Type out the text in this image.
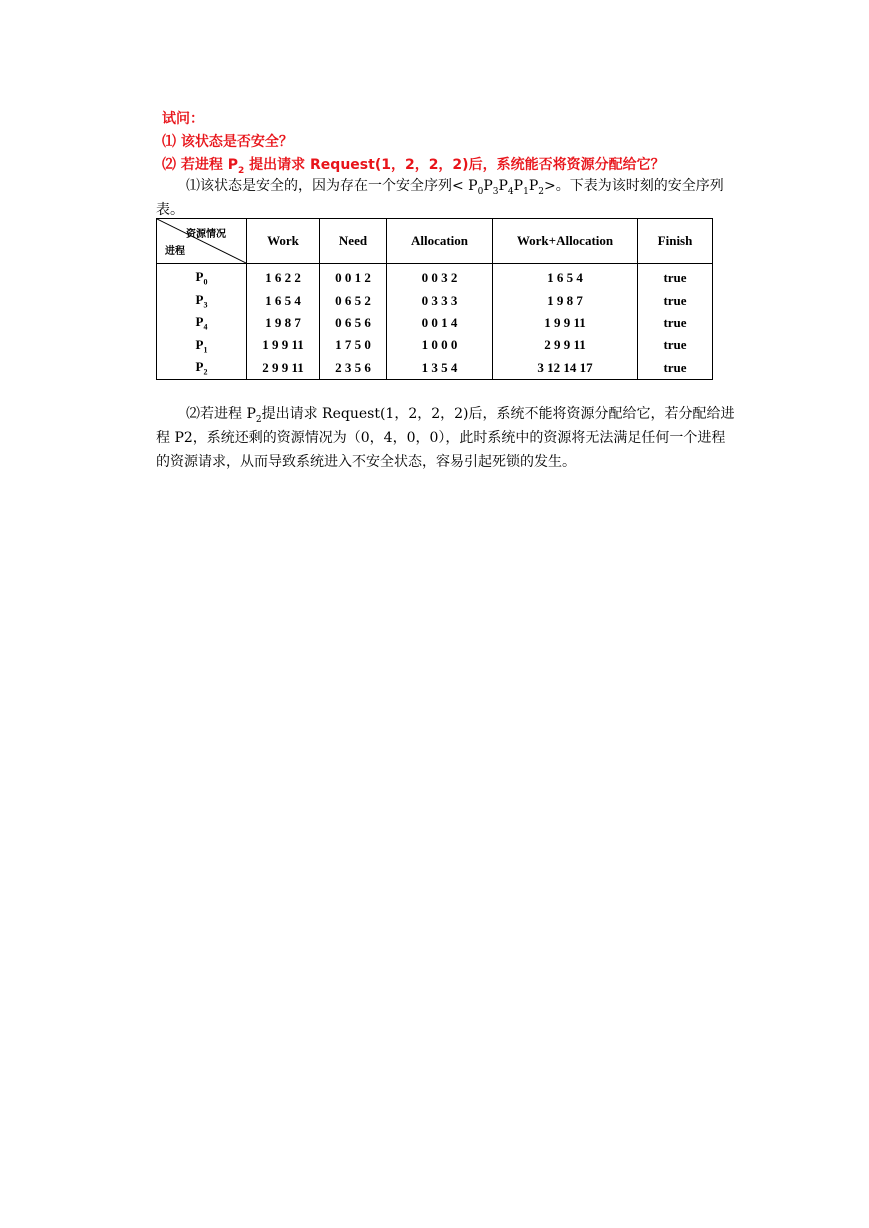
试问：
⑴ 该状态是否安全？
⑵ 若进程 $P_2$ 提出请求 Request(1，2，2，2)后，系统能否将资源分配给它？
⑴该状态是安全的，因为存在一个安全序列< $P_0P_3P_4P_1P_2>$。下表为该时刻的安全序列表。
资源情况
进程	Work	Need	Allocation	Work+Allocation	Finish
$P_0$	1 6 2 2	0 0 1 2	0 0 3 2	1 6 5 4	true
$P_3$	1 6 5 4	0 6 5 2	0 3 3 3	1 9 8 7	true
$P_4$	1 9 8 7	0 6 5 6	0 0 1 4	1 9 9 11	true
$P_1$	1 9 9 11	1 7 5 0	1 0 0 0	2 9 9 11	true
$P_2$	2 9 9 11	2 3 5 6	1 3 5 4	3 12 14 17	true
⑵若进程 $P_2$提出请求 Request(1，2，2，2)后，系统不能将资源分配给它，若分配给进程 P2，系统还剩的资源情况为（0，4，0，0），此时系统中的资源将无法满足任何一个进程的资源请求，从而导致系统进入不安全状态，容易引起死锁的发生。
